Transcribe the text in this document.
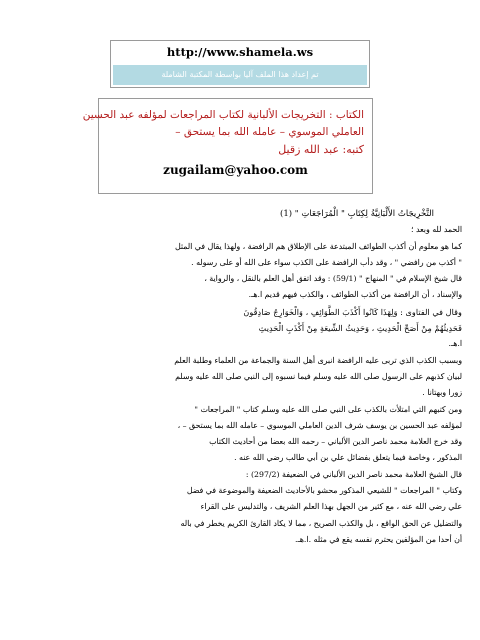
http://www.shamela.ws
تم إعداد هذا الملف آليا بواسطة المكتبة الشاملة
الكتاب : التخريجات الألبانية لكتاب المراجعات لمؤلفه عبد الحسين
العاملي الموسوي – عامله الله بما يستحق –
كتبه: عبد الله زقيل
zugailam@yahoo.com

التَّخْرِيجَاتُ الأَلْبَانِيَّةُ لِكِتَابِ " الْمُرَاجَعَاتِ " (1)

الحمد لله وبعد ؛

كما هو معلوم أن أكذب الطوائف المبتدعة على الإطلاق هم الرافضة ، ولهذا يقال في المثل

" أكذب من رافضي " ، وقد دأب الرافضة على الكذب سواء على الله أو على رسوله .

قال شيخ الإسلام في " المنهاج " (59/1) : وقد اتفق أهل العلم بالنقل ، والرواية ،

والإسناد ، أن الرافضة من أكذب الطوائف ، والكذب فيهم قديم ا.هـ.

وقال في الفتاوى : وَلِهَذَا كَانُوا أَكْذَبَ الطَّوَائِفِ ، وَالْخَوَارِجُ صَادِقُونَ

فَحَدِيثُهُمْ مِنْ أَصَحِّ الْحَدِيثِ ، وَحَدِيثُ الشِّيعَةِ مِنْ أَكْذَبِ الْحَدِيثِ

ا.هـ.

وبسبب الكذب الذي تربى عليه الرافضة انبرى أهل السنة والجماعة من العلماء وطلبة العلم

لبيان كذبهم على الرسول صلى الله عليه وسلم فيما نسبوه إلى النبي صلى الله عليه وسلم

زورا وبهتانا .

ومن كتبهم التي امتلأت بالكذب على النبي صلى الله عليه وسلم كتاب " المراجعات "

لمؤلفه عبد الحسين بن يوسف شرف الدين العاملي الموسوي – عامله الله بما يستحق – ،

وقد خرج العلامة محمد ناصر الدين الألباني – رحمه الله بعضا من أحاديث الكتاب

المذكور ، وخاصة فيما يتعلق بفضائل علي بن أبي طالب رضي الله عنه .

قال الشيخ العلامة محمد ناصر الدين الألباني في الضعيفة (297/2) :

وكتاب " المراجعات " للشيعي المذكور محشو بالأحاديث الضعيفة والموضوعة في فضل

علي رضي الله عنه ، مع كثير من الجهل بهذا العلم الشريف ، والتدليس على القراء

والتضليل عن الحق الواقع ، بل والكذب الصريح ، مما لا يكاد القارئ الكريم يخطر في باله

أن أحدا من المؤلفين يحترم نفسه يقع في مثله .ا.هـ.
